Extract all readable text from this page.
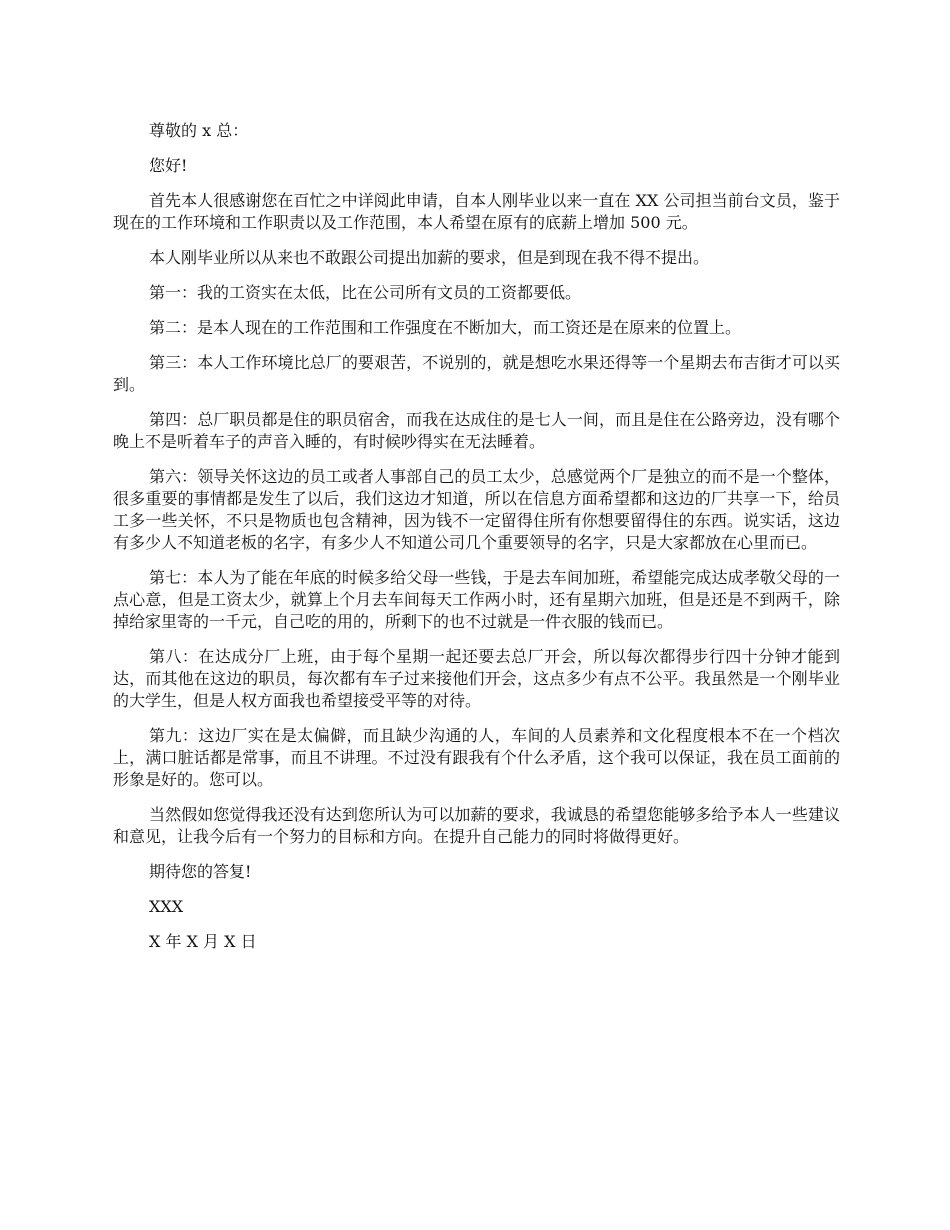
尊敬的 x 总：

您好!

首先本人很感谢您在百忙之中详阅此申请，自本人刚毕业以来一直在 XX 公司担当前台文员，鉴于现在的工作环境和工作职责以及工作范围，本人希望在原有的底薪上增加 500 元。

本人刚毕业所以从来也不敢跟公司提出加薪的要求，但是到现在我不得不提出。

第一：我的工资实在太低，比在公司所有文员的工资都要低。

第二：是本人现在的工作范围和工作强度在不断加大，而工资还是在原来的位置上。

第三：本人工作环境比总厂的要艰苦，不说别的，就是想吃水果还得等一个星期去布吉街才可以买到。

第四：总厂职员都是住的职员宿舍，而我在达成住的是七人一间，而且是住在公路旁边，没有哪个晚上不是听着车子的声音入睡的，有时候吵得实在无法睡着。

第六：领导关怀这边的员工或者人事部自己的员工太少，总感觉两个厂是独立的而不是一个整体，很多重要的事情都是发生了以后，我们这边才知道，所以在信息方面希望都和这边的厂共享一下，给员工多一些关怀，不只是物质也包含精神，因为钱不一定留得住所有你想要留得住的东西。说实话，这边有多少人不知道老板的名字，有多少人不知道公司几个重要领导的名字，只是大家都放在心里而已。

第七：本人为了能在年底的时候多给父母一些钱，于是去车间加班，希望能完成达成孝敬父母的一点心意，但是工资太少，就算上个月去车间每天工作两小时，还有星期六加班，但是还是不到两千，除掉给家里寄的一千元，自己吃的用的，所剩下的也不过就是一件衣服的钱而已。

第八：在达成分厂上班，由于每个星期一起还要去总厂开会，所以每次都得步行四十分钟才能到达，而其他在这边的职员，每次都有车子过来接他们开会，这点多少有点不公平。我虽然是一个刚毕业的大学生，但是人权方面我也希望接受平等的对待。

第九：这边厂实在是太偏僻，而且缺少沟通的人，车间的人员素养和文化程度根本不在一个档次上，满口脏话都是常事，而且不讲理。不过没有跟我有个什么矛盾，这个我可以保证，我在员工面前的形象是好的。您可以。

当然假如您觉得我还没有达到您所认为可以加薪的要求，我诚恳的希望您能够多给予本人一些建议和意见，让我今后有一个努力的目标和方向。在提升自己能力的同时将做得更好。

期待您的答复!

XXX

X 年 X 月 X 日
